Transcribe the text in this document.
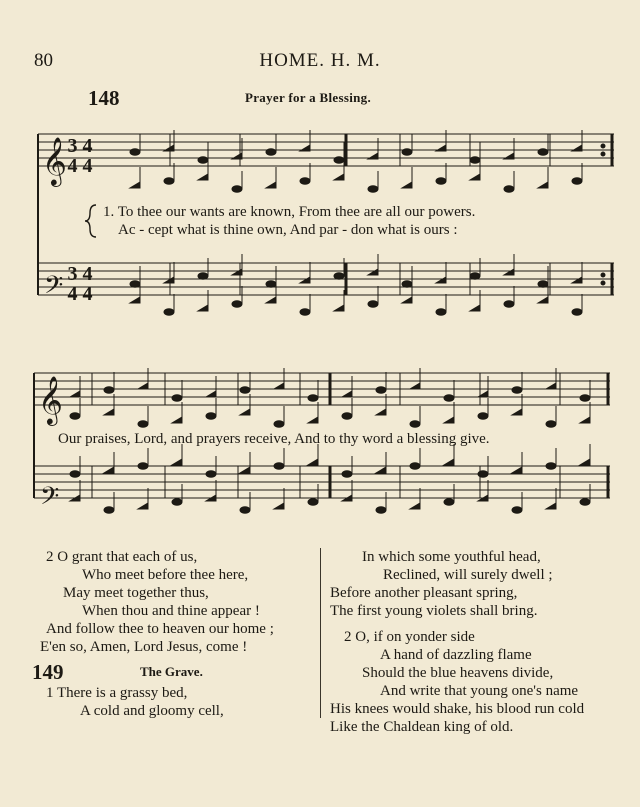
80	HOME. H. M.
148	Prayer for a Blessing.
3 4
4 4
3 4
4 4
𝄞
𝄢
𝄞
𝄢
1. To thee our wants are known, From thee are all our powers.
Ac - cept what is thine own, And par - don what is ours :
Our praises, Lord, and prayers receive, And to thy word a blessing give.
2 O grant that each of us,
Who meet before thee here,
May meet together thus,
When thou and thine appear !
And follow thee to heaven our home ;
E'en so, Amen, Lord Jesus, come !
149	The Grave.
1 There is a grassy bed,
A cold and gloomy cell,
In which some youthful head,
Reclined, will surely dwell ;
Before another pleasant spring,
The first young violets shall bring.
2 O, if on yonder side
A hand of dazzling flame
Should the blue heavens divide,
And write that young one's name
His knees would shake, his blood run cold
Like the Chaldean king of old.
